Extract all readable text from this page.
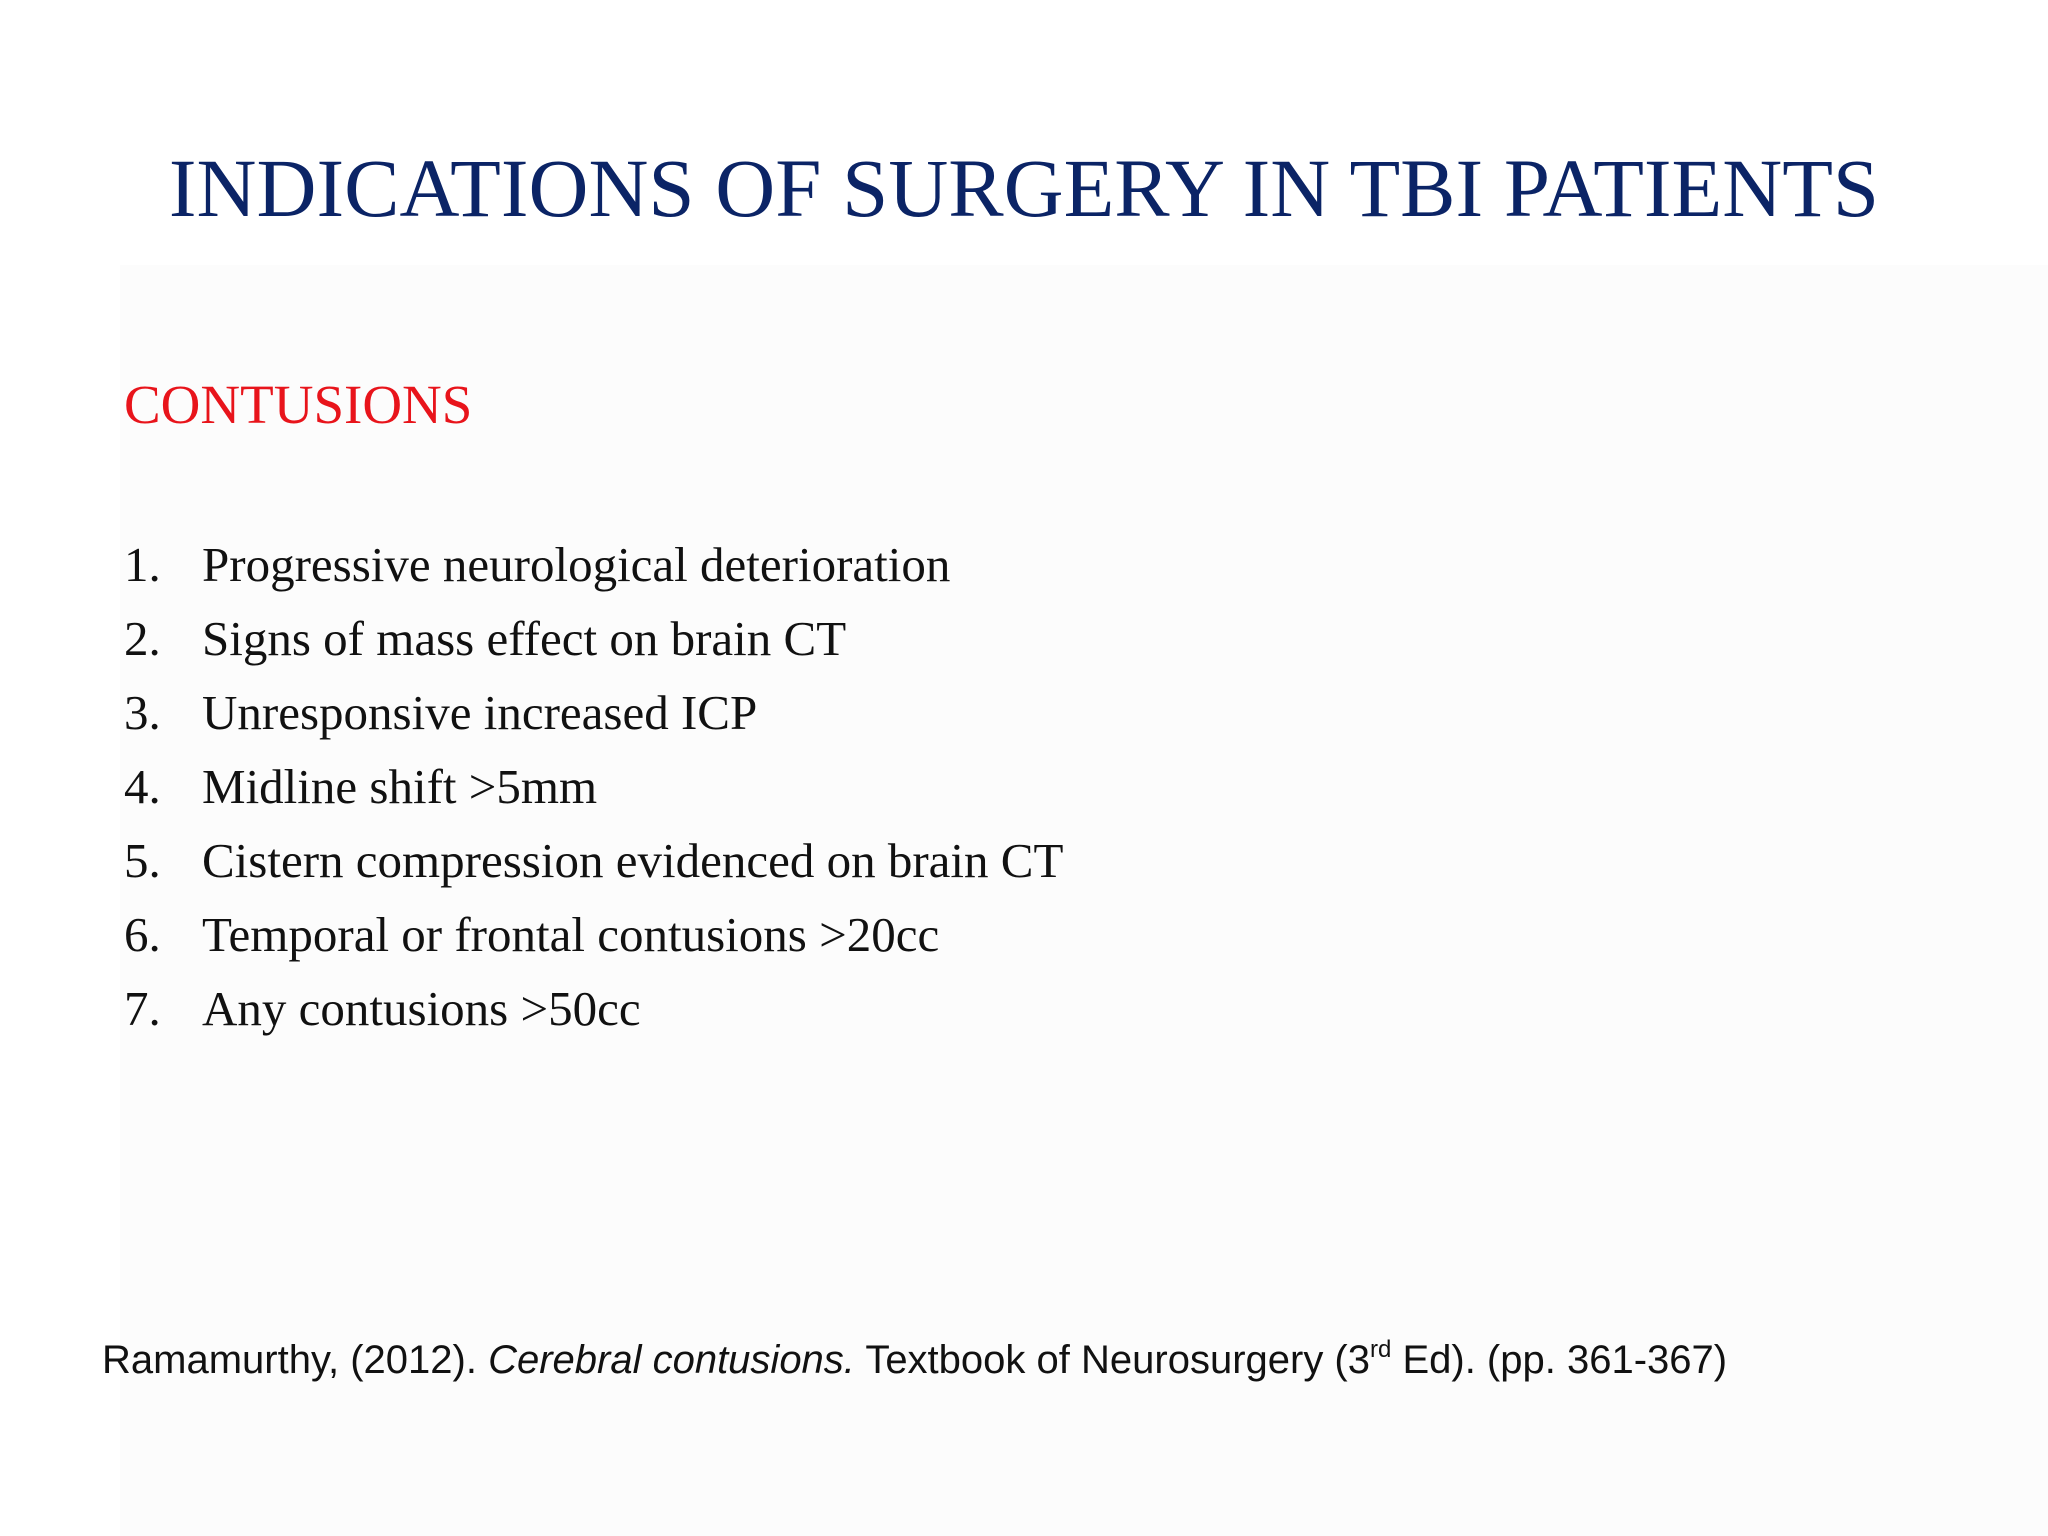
INDICATIONS OF SURGERY IN TBI PATIENTS
CONTUSIONS
1. Progressive neurological deterioration
2. Signs of mass effect on brain CT
3. Unresponsive increased ICP
4. Midline shift >5mm
5. Cistern compression evidenced on brain CT
6. Temporal or frontal contusions >20cc
7. Any contusions >50cc
Ramamurthy, (2012). Cerebral contusions. Textbook of Neurosurgery (3rd Ed). (pp. 361-367)
